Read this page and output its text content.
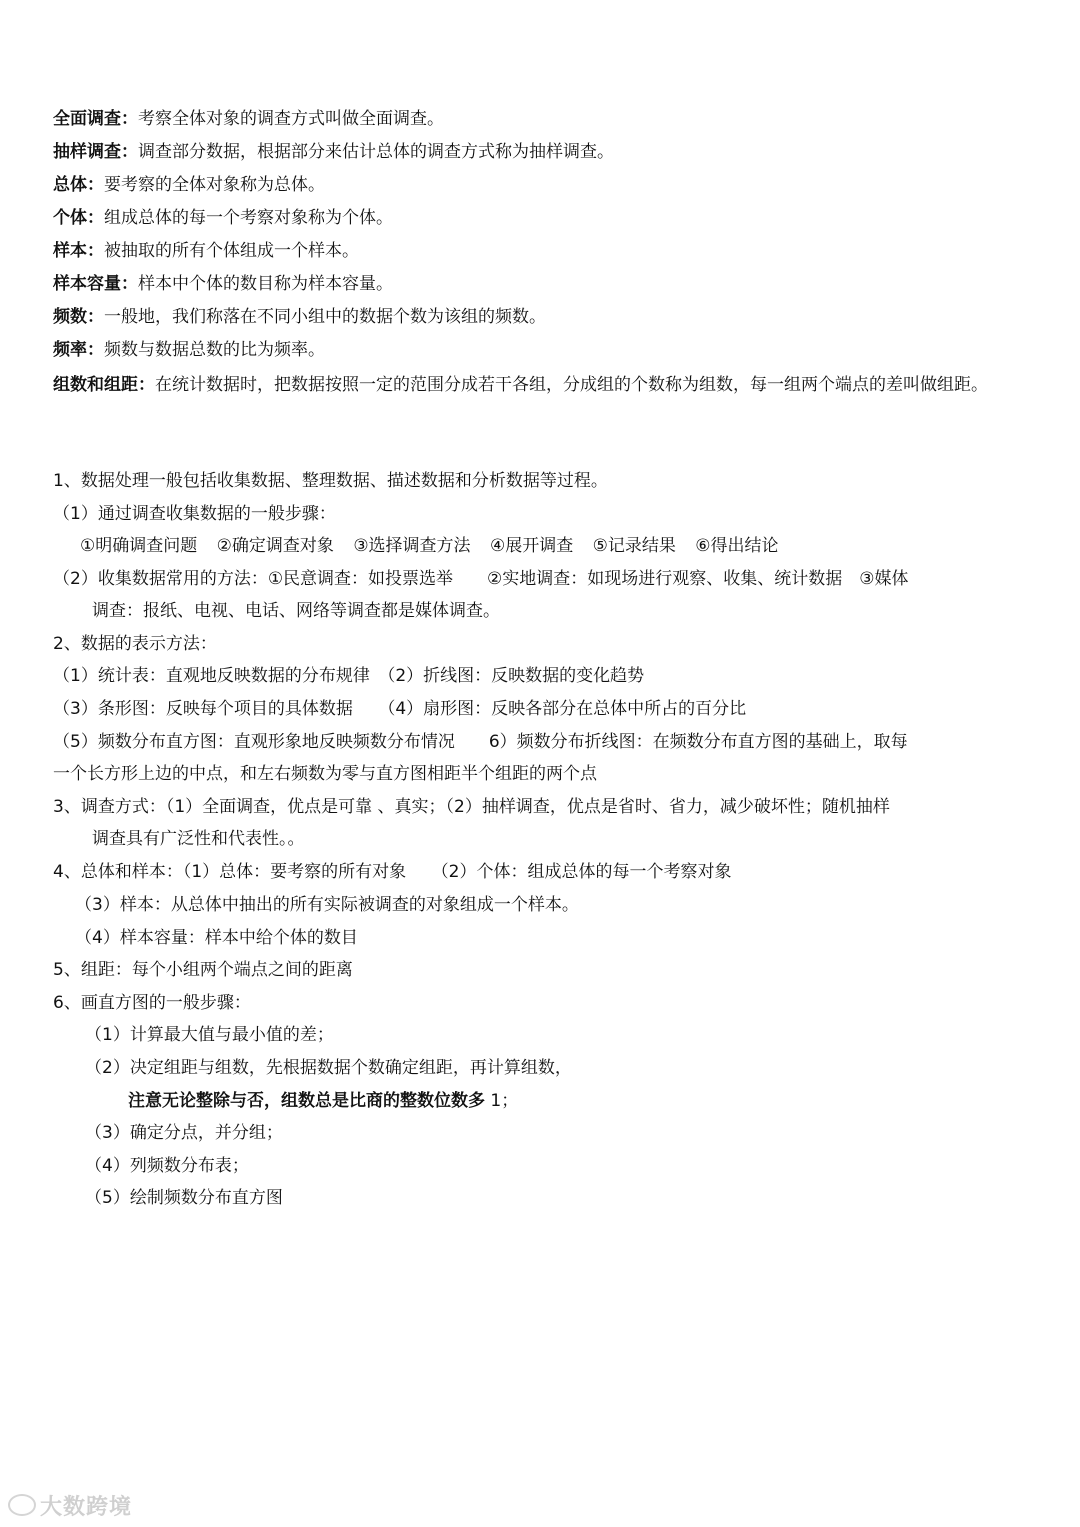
全面调查：考察全体对象的调查方式叫做全面调查。
抽样调查：调查部分数据，根据部分来估计总体的调查方式称为抽样调查。
总体：要考察的全体对象称为总体。
个体：组成总体的每一个考察对象称为个体。
样本：被抽取的所有个体组成一个样本。
样本容量：样本中个体的数目称为样本容量。
频数：一般地，我们称落在不同小组中的数据个数为该组的频数。
频率：频数与数据总数的比为频率。
组数和组距：在统计数据时，把数据按照一定的范围分成若干各组，分成组的个数称为组数，每一组两个端点的差叫做组距。
1、数据处理一般包括收集数据、整理数据、描述数据和分析数据等过程。
（1）通过调查收集数据的一般步骤：
①明确调查问题 ②确定调查对象 ③选择调查方法 ④展开调查 ⑤记录结果 ⑥得出结论
（2）收集数据常用的方法：①民意调查：如投票选举　　②实地调查：如现场进行观察、收集、统计数据　③媒体
调查：报纸、电视、电话、网络等调查都是媒体调查。
2、数据的表示方法：
（1）统计表：直观地反映数据的分布规律　（2）折线图：反映数据的变化趋势
（3）条形图：反映每个项目的具体数据　　（4）扇形图：反映各部分在总体中所占的百分比
（5）频数分布直方图：直观形象地反映频数分布情况　　6）频数分布折线图：在频数分布直方图的基础上，取每
一个长方形上边的中点，和左右频数为零与直方图相距半个组距的两个点
3、调查方式：（1）全面调查，优点是可靠 、真实；（2）抽样调查，优点是省时、省力，减少破坏性；随机抽样
调查具有广泛性和代表性。。
4、总体和样本：（1）总体：要考察的所有对象　　（2）个体：组成总体的每一个考察对象
（3）样本：从总体中抽出的所有实际被调查的对象组成一个样本。
（4）样本容量：样本中给个体的数目
5、组距：每个小组两个端点之间的距离
6、画直方图的一般步骤：
（1）计算最大值与最小值的差；
（2）决定组距与组数，先根据数据个数确定组距，再计算组数，
注意无论整除与否，组数总是比商的整数位数多 1；
（3）确定分点，并分组；
（4）列频数分布表；
（5）绘制频数分布直方图
大数跨境
